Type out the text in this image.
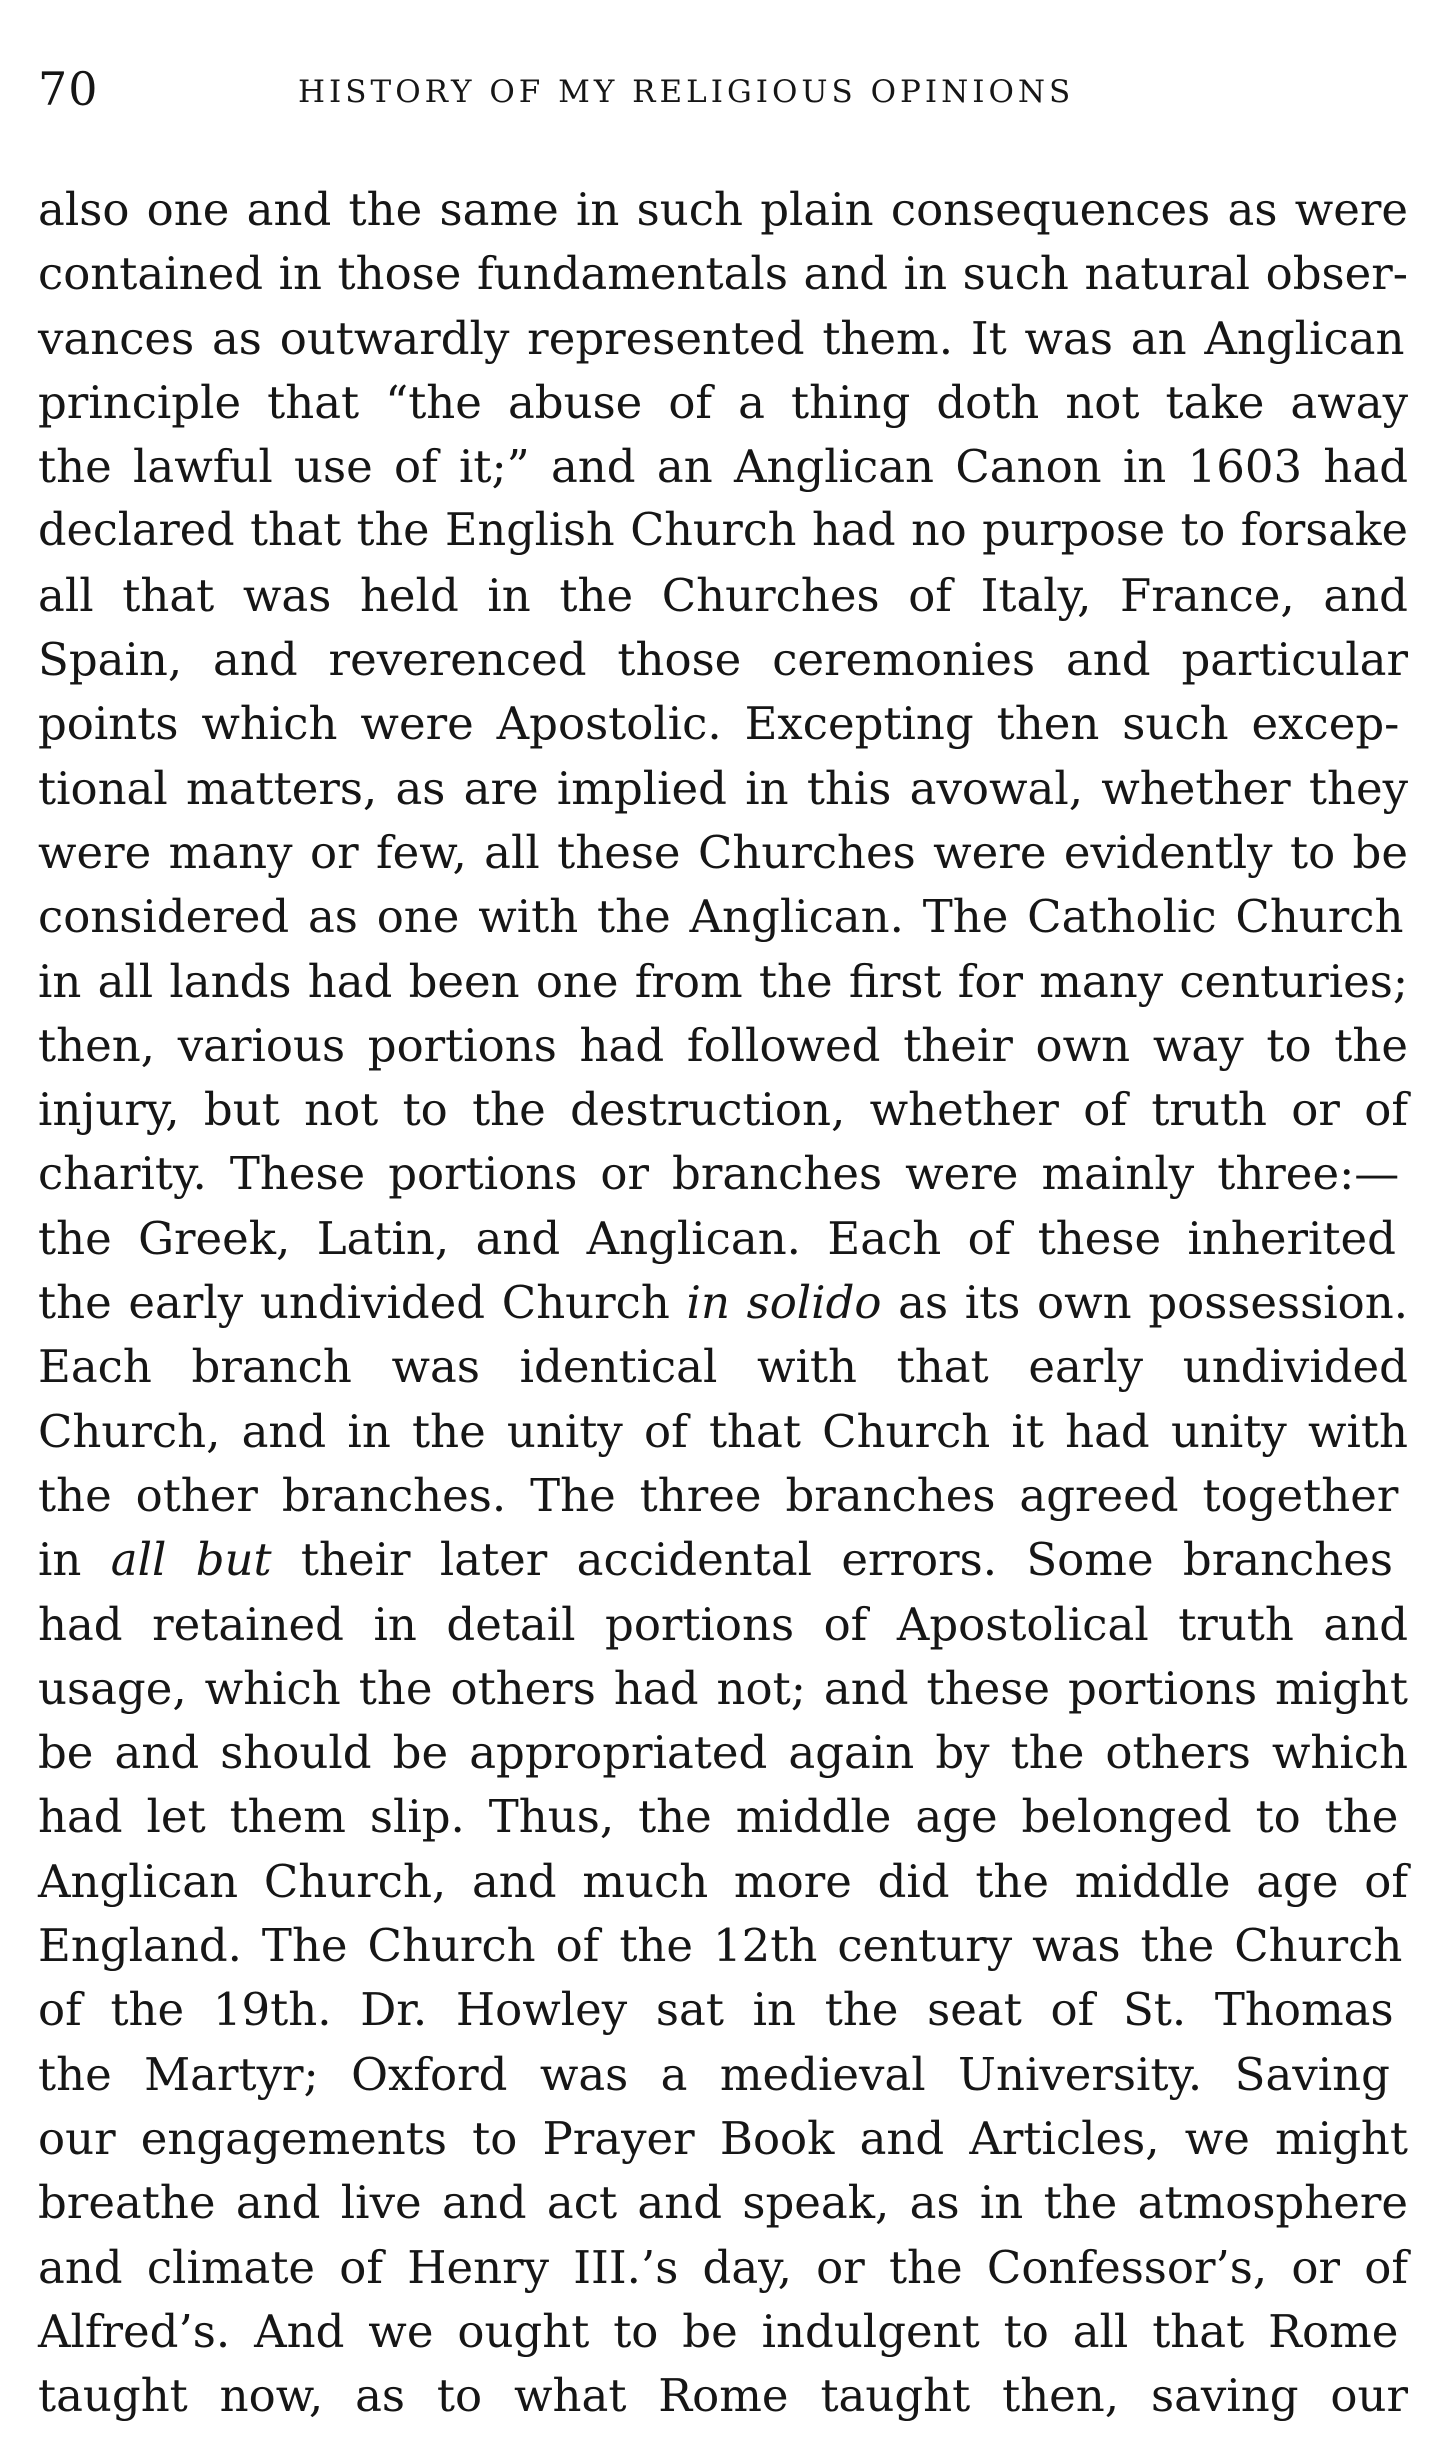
70	HISTORY OF MY RELIGIOUS OPINIONS
also one and the same in such plain consequences as were
contained in those fundamentals and in such natural obser-
vances as outwardly represented them. It was an Anglican
principle that “the abuse of a thing doth not take away
the lawful use of it;” and an Anglican Canon in 1603 had
declared that the English Church had no purpose to forsake
all that was held in the Churches of Italy, France, and
Spain, and reverenced those ceremonies and particular
points which were Apostolic. Excepting then such excep-
tional matters, as are implied in this avowal, whether they
were many or few, all these Churches were evidently to be
considered as one with the Anglican. The Catholic Church
in all lands had been one from the first for many centuries;
then, various portions had followed their own way to the
injury, but not to the destruction, whether of truth or of
charity. These portions or branches were mainly three:—
the Greek, Latin, and Anglican. Each of these inherited
the early undivided Church in solido as its own possession.
Each branch was identical with that early undivided
Church, and in the unity of that Church it had unity with
the other branches. The three branches agreed together
in all but their later accidental errors. Some branches
had retained in detail portions of Apostolical truth and
usage, which the others had not; and these portions might
be and should be appropriated again by the others which
had let them slip. Thus, the middle age belonged to the
Anglican Church, and much more did the middle age of
England. The Church of the 12th century was the Church
of the 19th. Dr. Howley sat in the seat of St. Thomas
the Martyr; Oxford was a medieval University. Saving
our engagements to Prayer Book and Articles, we might
breathe and live and act and speak, as in the atmosphere
and climate of Henry III.’s day, or the Confessor’s, or of
Alfred’s. And we ought to be indulgent to all that Rome
taught now, as to what Rome taught then, saving our
